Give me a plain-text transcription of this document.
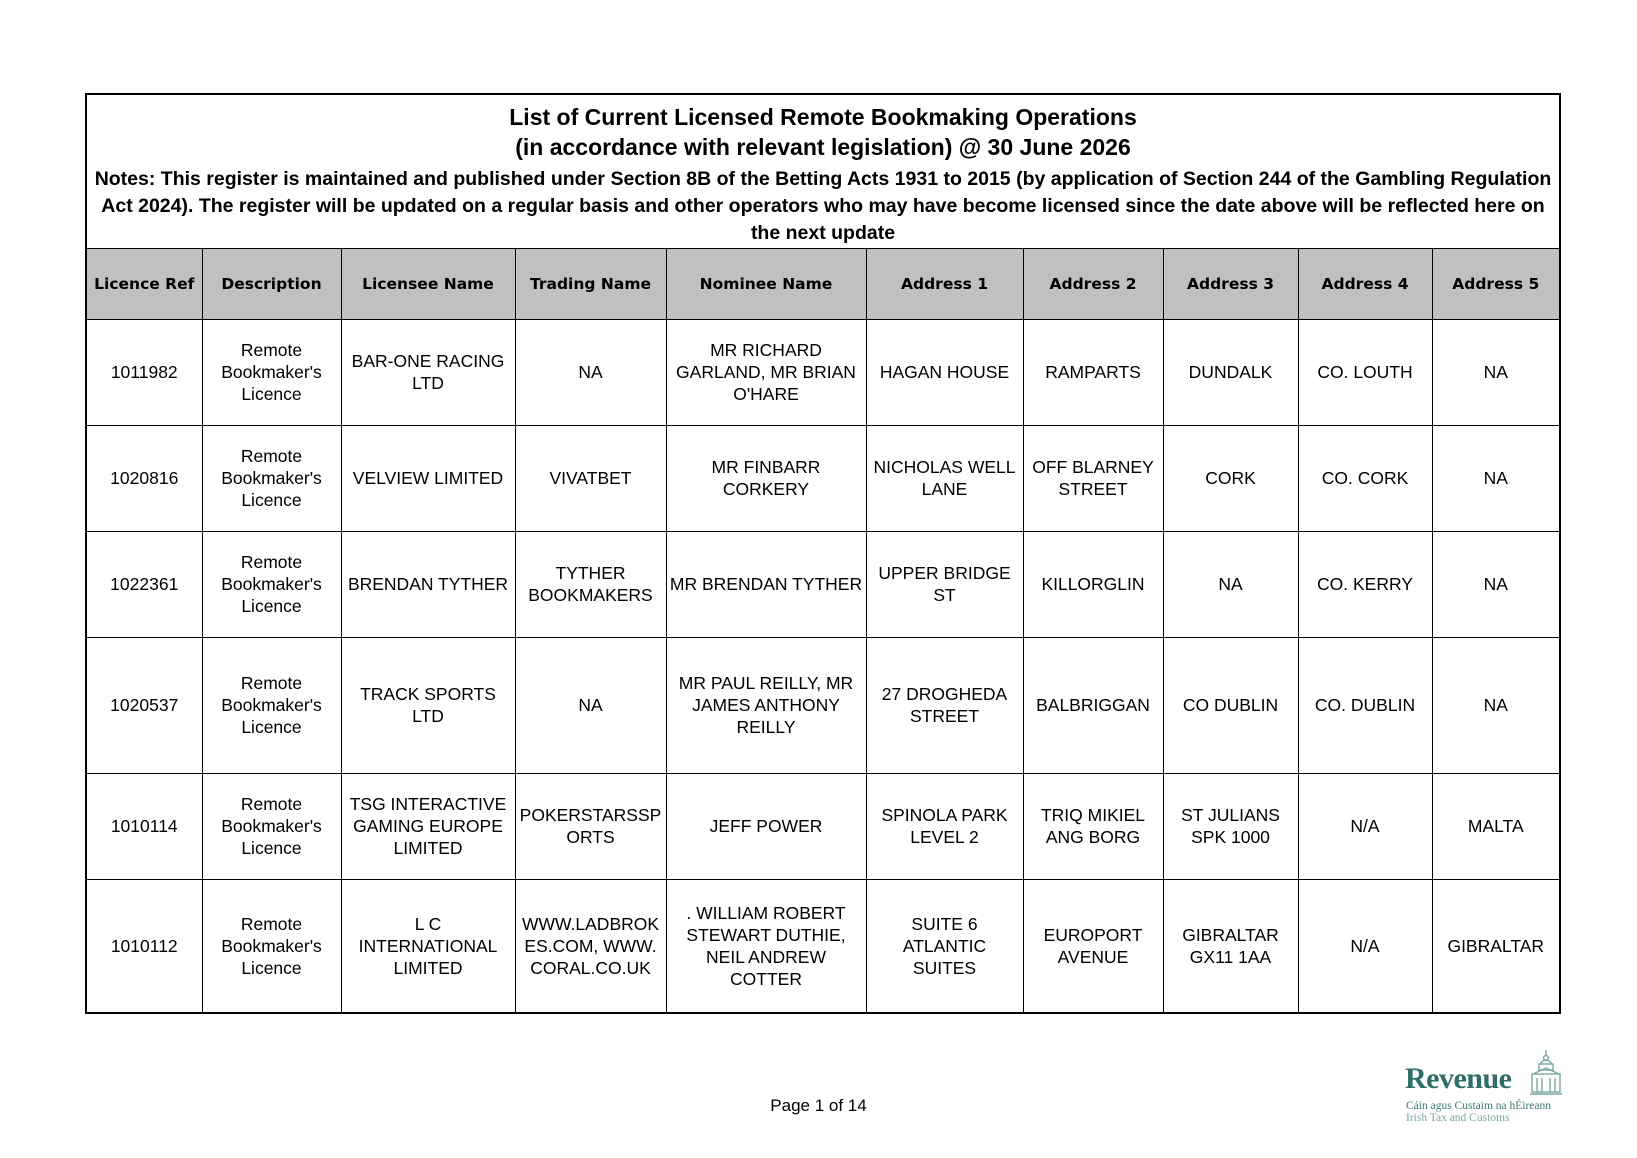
List of Current Licensed Remote Bookmaking Operations
(in accordance with relevant legislation) @ 30 June 2026
Notes: This register is maintained and published under Section 8B of the Betting Acts 1931 to 2015 (by application of Section 244 of the Gambling Regulation Act 2024). The register will be updated on a regular basis and other operators who may have become licensed since the date above will be reflected here on the next update
Licence Ref	Description	Licensee Name	Trading Name	Nominee Name	Address 1	Address 2	Address 3	Address 4	Address 5
1011982	Remote Bookmaker's Licence	BAR-ONE RACING LTD	NA	MR RICHARD GARLAND, MR BRIAN O'HARE	HAGAN HOUSE	RAMPARTS	DUNDALK	CO. LOUTH	NA
1020816	Remote Bookmaker's Licence	VELVIEW LIMITED	VIVATBET	MR FINBARR CORKERY	NICHOLAS WELL LANE	OFF BLARNEY STREET	CORK	CO. CORK	NA
1022361	Remote Bookmaker's Licence	BRENDAN TYTHER	TYTHER BOOKMAKERS	MR BRENDAN TYTHER	UPPER BRIDGE ST	KILLORGLIN	NA	CO. KERRY	NA
1020537	Remote Bookmaker's Licence	TRACK SPORTS LTD	NA	MR PAUL REILLY, MR JAMES ANTHONY REILLY	27 DROGHEDA STREET	BALBRIGGAN	CO DUBLIN	CO. DUBLIN	NA
1010114	Remote Bookmaker's Licence	TSG INTERACTIVE GAMING EUROPE LIMITED	POKERSTARSSPORTS	JEFF POWER	SPINOLA PARK LEVEL 2	TRIQ MIKIEL ANG BORG	ST JULIANS SPK 1000	N/A	MALTA
1010112	Remote Bookmaker's Licence	L C INTERNATIONAL LIMITED	WWW.LADBROKES.COM, WWW.CORAL.CO.UK	. WILLIAM ROBERT STEWART DUTHIE, NEIL ANDREW COTTER	SUITE 6 ATLANTIC SUITES	EUROPORT AVENUE	GIBRALTAR GX11 1AA	N/A	GIBRALTAR
Page 1 of 14
Revenue
Cáin agus Custaim na hÉireann
Irish Tax and Customs
